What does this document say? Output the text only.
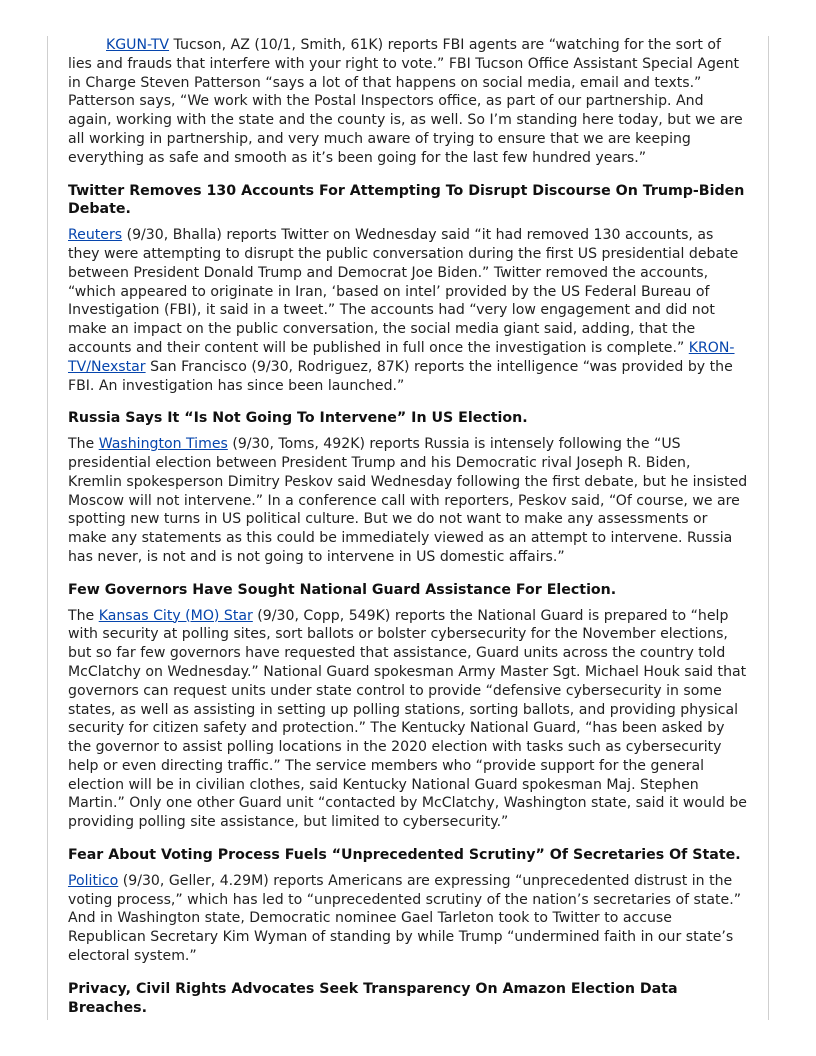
KGUN-TV Tucson, AZ (10/1, Smith, 61K) reports FBI agents are “watching for the sort of lies and frauds that interfere with your right to vote.” FBI Tucson Office Assistant Special Agent in Charge Steven Patterson “says a lot of that happens on social media, email and texts.” Patterson says, “We work with the Postal Inspectors office, as part of our partnership. And again, working with the state and the county is, as well. So I’m standing here today, but we are all working in partnership, and very much aware of trying to ensure that we are keeping everything as safe and smooth as it’s been going for the last few hundred years.”

Twitter Removes 130 Accounts For Attempting To Disrupt Discourse On Trump-Biden Debate.

Reuters (9/30, Bhalla) reports Twitter on Wednesday said “it had removed 130 accounts, as they were attempting to disrupt the public conversation during the first US presidential debate between President Donald Trump and Democrat Joe Biden.” Twitter removed the accounts, “which appeared to originate in Iran, ‘based on intel’ provided by the US Federal Bureau of Investigation (FBI), it said in a tweet.” The accounts had “very low engagement and did not make an impact on the public conversation, the social media giant said, adding, that the accounts and their content will be published in full once the investigation is complete.” KRON-TV/Nexstar San Francisco (9/30, Rodriguez, 87K) reports the intelligence “was provided by the FBI. An investigation has since been launched.”

Russia Says It “Is Not Going To Intervene” In US Election.

The Washington Times (9/30, Toms, 492K) reports Russia is intensely following the “US presidential election between President Trump and his Democratic rival Joseph R. Biden, Kremlin spokesperson Dimitry Peskov said Wednesday following the first debate, but he insisted Moscow will not intervene.” In a conference call with reporters, Peskov said, “Of course, we are spotting new turns in US political culture. But we do not want to make any assessments or make any statements as this could be immediately viewed as an attempt to intervene. Russia has never, is not and is not going to intervene in US domestic affairs.”

Few Governors Have Sought National Guard Assistance For Election.

The Kansas City (MO) Star (9/30, Copp, 549K) reports the National Guard is prepared to “help with security at polling sites, sort ballots or bolster cybersecurity for the November elections, but so far few governors have requested that assistance, Guard units across the country told McClatchy on Wednesday.” National Guard spokesman Army Master Sgt. Michael Houk said that governors can request units under state control to provide “defensive cybersecurity in some states, as well as assisting in setting up polling stations, sorting ballots, and providing physical security for citizen safety and protection.” The Kentucky National Guard, “has been asked by the governor to assist polling locations in the 2020 election with tasks such as cybersecurity help or even directing traffic.” The service members who “provide support for the general election will be in civilian clothes, said Kentucky National Guard spokesman Maj. Stephen Martin.” Only one other Guard unit “contacted by McClatchy, Washington state, said it would be providing polling site assistance, but limited to cybersecurity.”

Fear About Voting Process Fuels “Unprecedented Scrutiny” Of Secretaries Of State.

Politico (9/30, Geller, 4.29M) reports Americans are expressing “unprecedented distrust in the voting process,” which has led to “unprecedented scrutiny of the nation’s secretaries of state.” And in Washington state, Democratic nominee Gael Tarleton took to Twitter to accuse Republican Secretary Kim Wyman of standing by while Trump “undermined faith in our state’s electoral system.”

Privacy, Civil Rights Advocates Seek Transparency On Amazon Election Data Breaches.
